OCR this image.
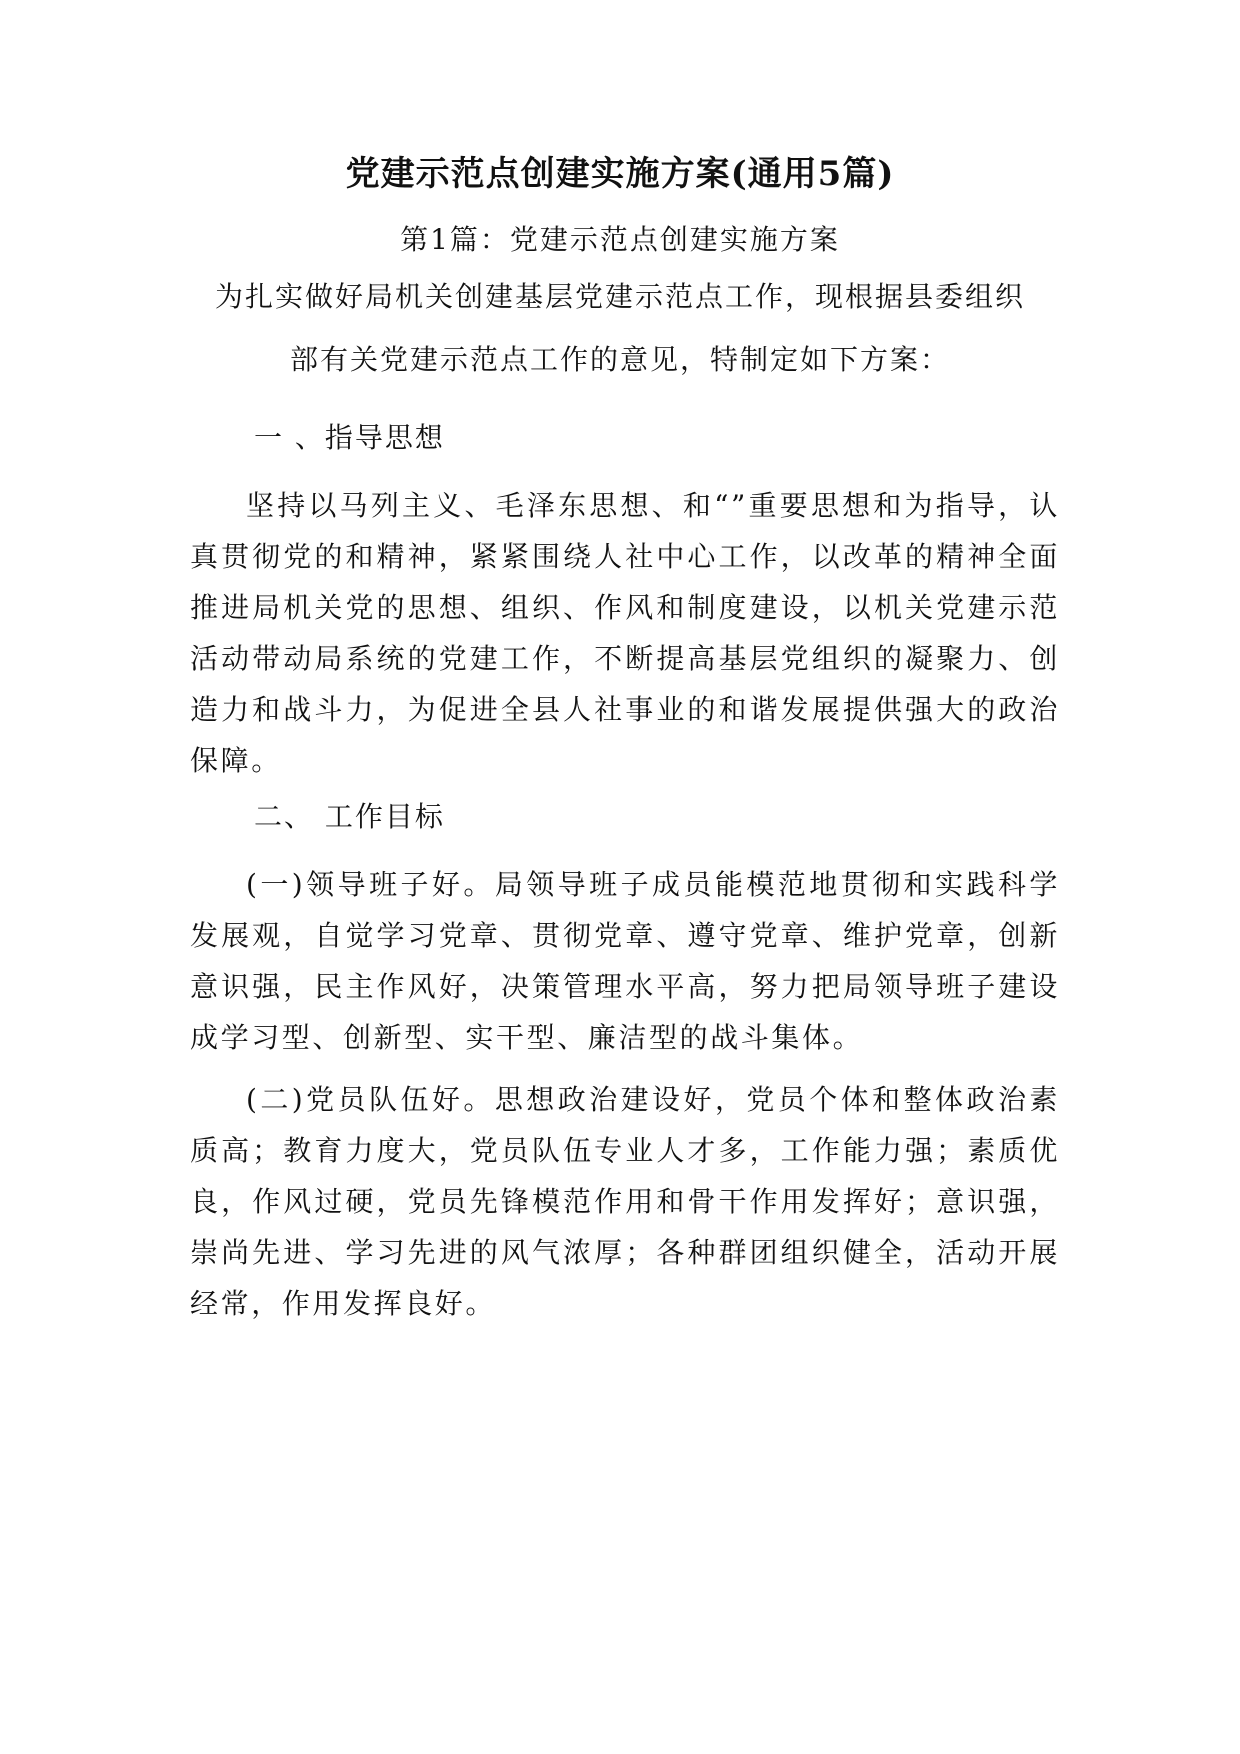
党建示范点创建实施方案(通用5篇)
第1篇：党建示范点创建实施方案
为扎实做好局机关创建基层党建示范点工作，现根据县委组织
部有关党建示范点工作的意见，特制定如下方案：
一 、指导思想

坚持以马列主义、毛泽东思想、和“”重要思想和为指导，认真贯彻党的和精神，紧紧围绕人社中心工作，以改革的精神全面推进局机关党的思想、组织、作风和制度建设，以机关党建示范活动带动局系统的党建工作，不断提高基层党组织的凝聚力、创造力和战斗力，为促进全县人社事业的和谐发展提供强大的政治保障。

二、 工作目标

(一)领导班子好。局领导班子成员能模范地贯彻和实践科学发展观，自觉学习党章、贯彻党章、遵守党章、维护党章，创新意识强，民主作风好，决策管理水平高，努力把局领导班子建设成学习型、创新型、实干型、廉洁型的战斗集体。

(二)党员队伍好。思想政治建设好，党员个体和整体政治素质高；教育力度大，党员队伍专业人才多，工作能力强；素质优良，作风过硬，党员先锋模范作用和骨干作用发挥好；意识强，崇尚先进、学习先进的风气浓厚；各种群团组织健全，活动开展经常，作用发挥良好。
